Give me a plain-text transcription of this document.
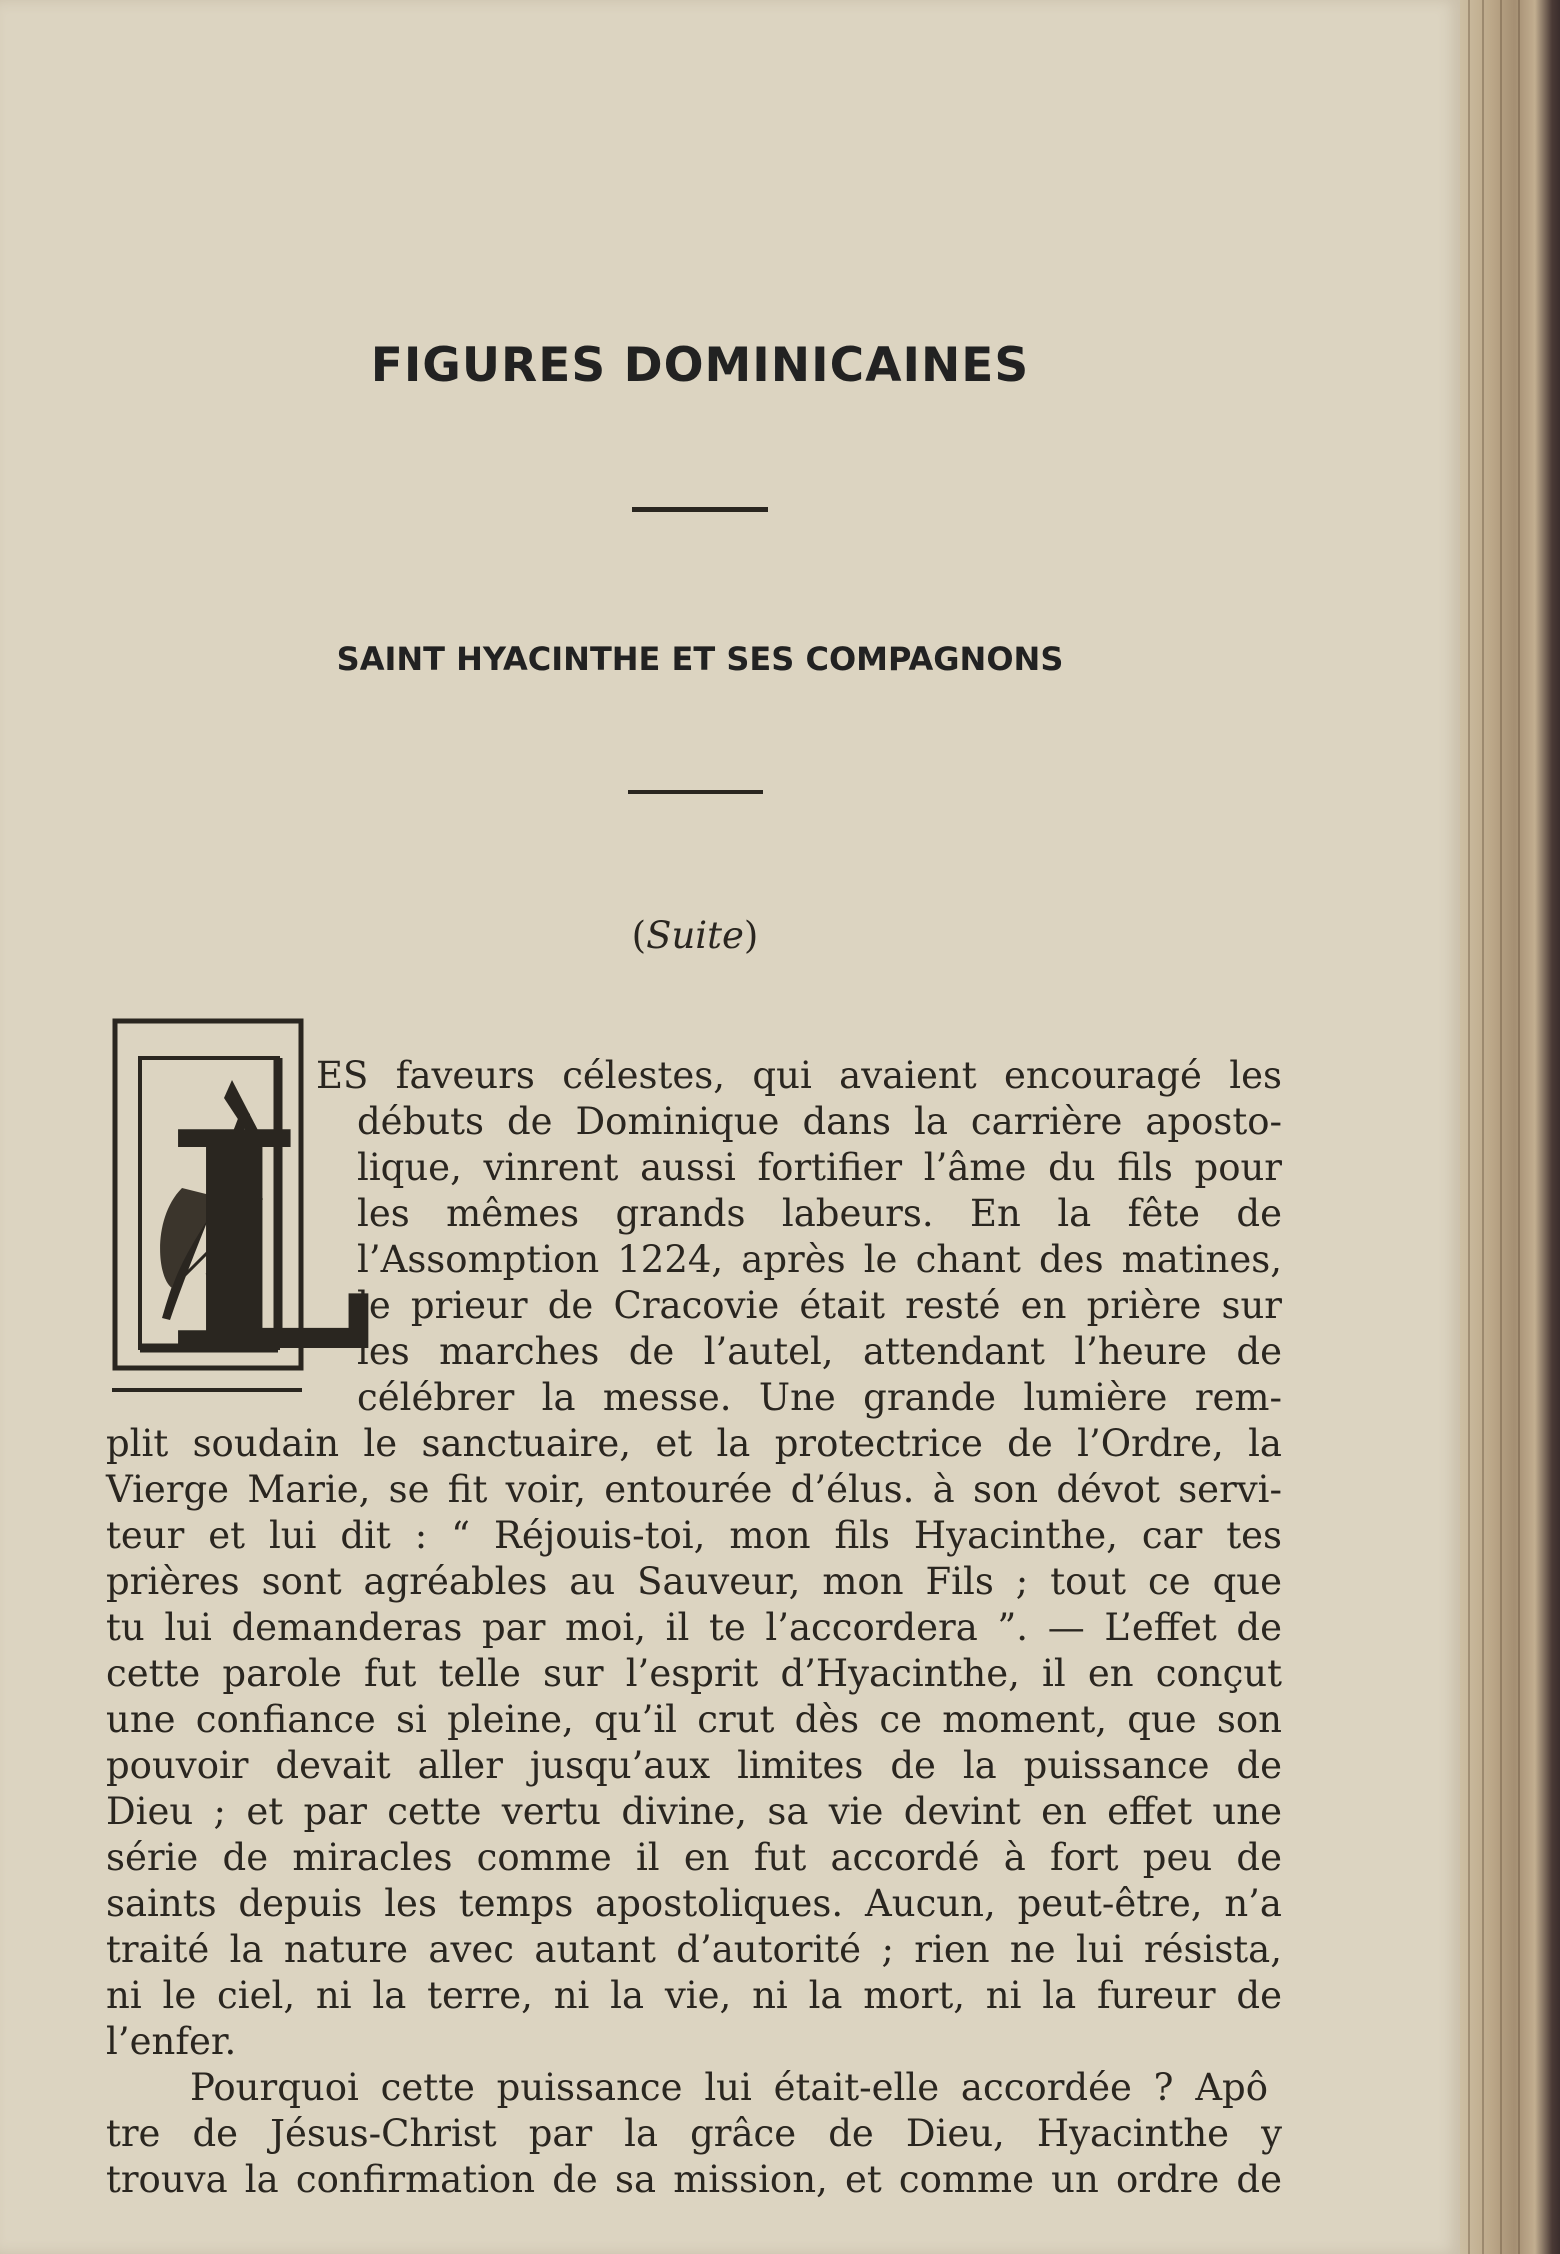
FIGURES DOMINICAINES
SAINT HYACINTHE ET SES COMPAGNONS
(Suite)
L
ES faveurs célestes, qui avaient encouragé les
débuts de Dominique dans la carrière aposto-
lique, vinrent aussi fortifier l’âme du fils pour
les mêmes grands labeurs. En la fête de
l’Assomption 1224, après le chant des matines,
le prieur de Cracovie était resté en prière sur
les marches de l’autel, attendant l’heure de
célébrer la messe. Une grande lumière rem-
plit soudain le sanctuaire, et la protectrice de l’Ordre, la
Vierge Marie, se fit voir, entourée d’élus. à son dévot servi-
teur et lui dit : “ Réjouis-toi, mon fils Hyacinthe, car tes
prières sont agréables au Sauveur, mon Fils ; tout ce que
tu lui demanderas par moi, il te l’accordera ”. — L’effet de
cette parole fut telle sur l’esprit d’Hyacinthe, il en conçut
une confiance si pleine, qu’il crut dès ce moment, que son
pouvoir devait aller jusqu’aux limites de la puissance de
Dieu ; et par cette vertu divine, sa vie devint en effet une
série de miracles comme il en fut accordé à fort peu de
saints depuis les temps apostoliques. Aucun, peut-être, n’a
traité la nature avec autant d’autorité ; rien ne lui résista,
ni le ciel, ni la terre, ni la vie, ni la mort, ni la fureur de
l’enfer.
Pourquoi cette puissance lui était-elle accordée ? Apô
tre de Jésus-Christ par la grâce de Dieu, Hyacinthe y
trouva la confirmation de sa mission, et comme un ordre de
